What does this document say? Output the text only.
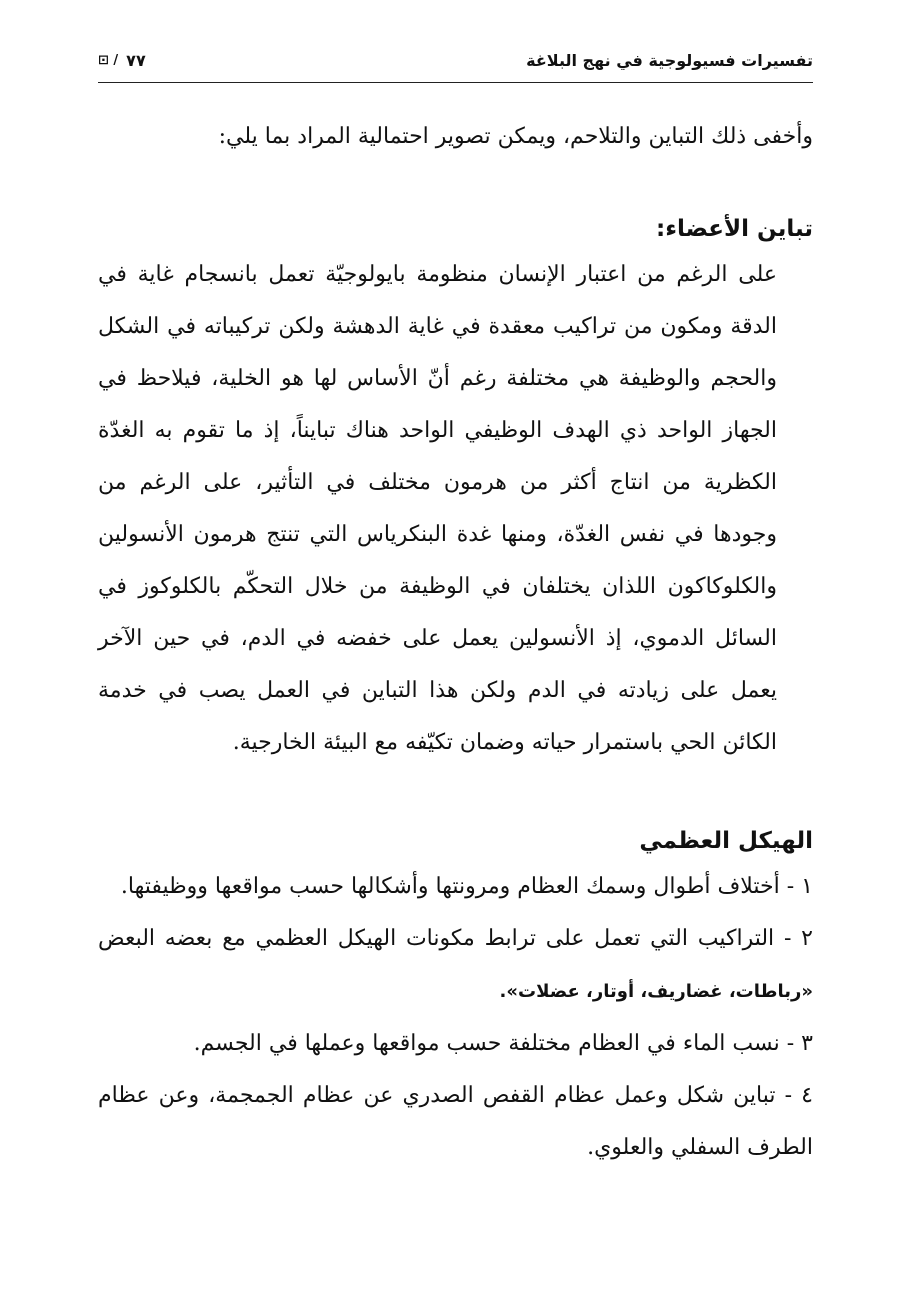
تفسيرات فسيولوجية في نهج البلاغة
⊡ / ٧٧

وأخفى ذلك التباين والتلاحم، ويمكن تصوير احتمالية المراد بما يلي:

تباين الأعضاء:

على الرغم من اعتبار الإنسان منظومة بايولوجيّة تعمل بانسجام غاية في الدقة ومكون من تراكيب معقدة في غاية الدهشة ولكن تركيباته في الشكل والحجم والوظيفة هي مختلفة رغم أنّ الأساس لها هو الخلية، فيلاحظ في الجهاز الواحد ذي الهدف الوظيفي الواحد هناك تبايناً، إذ ما تقوم به الغدّة الكظرية من انتاج أكثر من هرمون مختلف في التأثير، على الرغم من وجودها في نفس الغدّة، ومنها غدة البنكرياس التي تنتج هرمون الأنسولين والكلوكاكون اللذان يختلفان في الوظيفة من خلال التحكّم بالكلوكوز في السائل الدموي، إذ الأنسولين يعمل على خفضه في الدم، في حين الآخر يعمل على زيادته في الدم ولكن هذا التباين في العمل يصب في خدمة الكائن الحي باستمرار حياته وضمان تكيّفه مع البيئة الخارجية.

الهيكل العظمي

١ - أختلاف أطوال وسمك العظام ومرونتها وأشكالها حسب مواقعها ووظيفتها.

٢ - التراكيب التي تعمل على ترابط مكونات الهيكل العظمي مع بعضه البعض «رباطات، غضاريف، أوتار، عضلات».

٣ - نسب الماء في العظام مختلفة حسب مواقعها وعملها في الجسم.

٤ - تباين شكل وعمل عظام القفص الصدري عن عظام الجمجمة، وعن عظام الطرف السفلي والعلوي.
